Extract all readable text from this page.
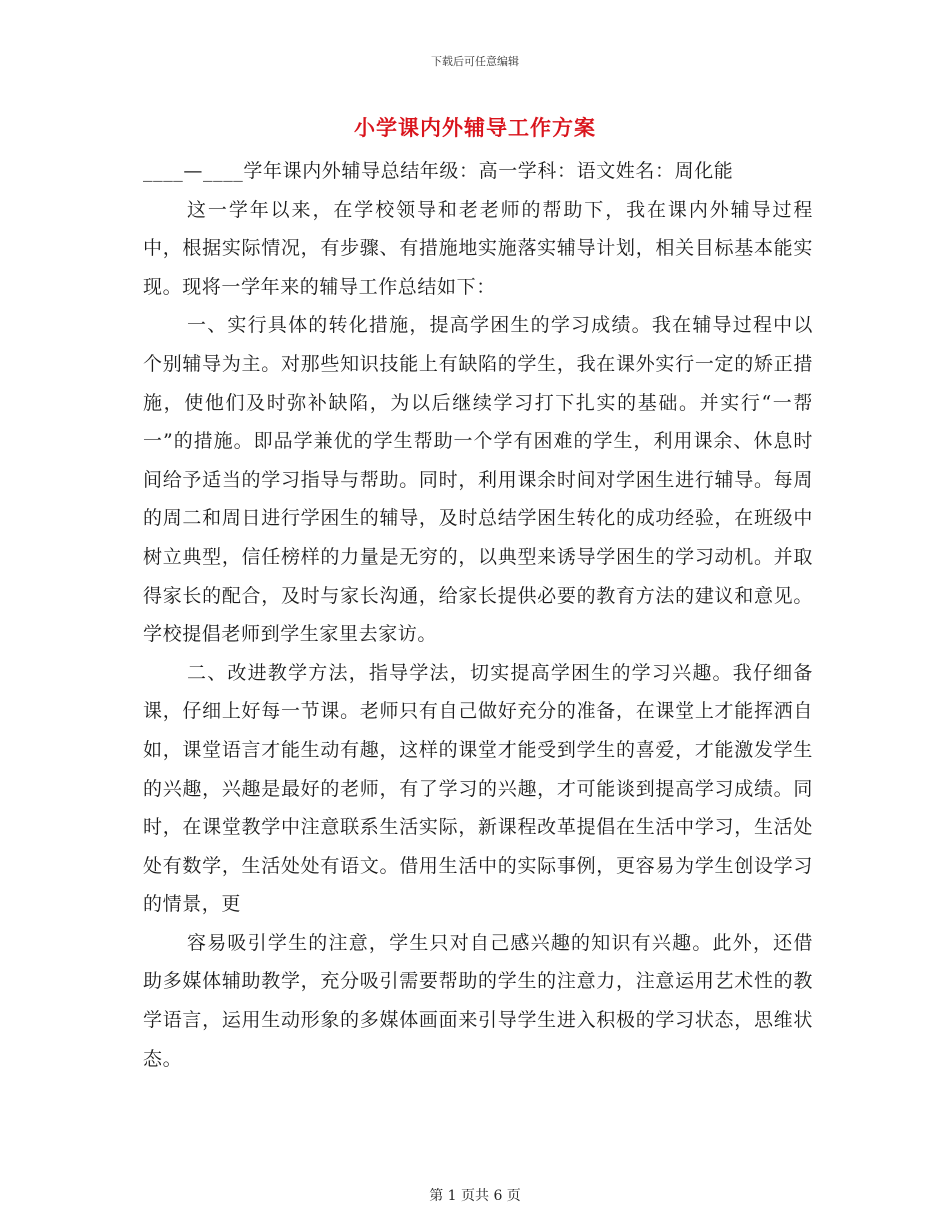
下载后可任意编辑
小学课内外辅导工作方案

____—____学年课内外辅导总结年级：高一学科：语文姓名：周化能

这一学年以来，在学校领导和老老师的帮助下，我在课内外辅导过程中，根据实际情况，有步骤、有措施地实施落实辅导计划，相关目标基本能实现。现将一学年来的辅导工作总结如下：

一、实行具体的转化措施，提高学困生的学习成绩。我在辅导过程中以个别辅导为主。对那些知识技能上有缺陷的学生，我在课外实行一定的矫正措施，使他们及时弥补缺陷，为以后继续学习打下扎实的基础。并实行“一帮一”的措施。即品学兼优的学生帮助一个学有困难的学生，利用课余、休息时间给予适当的学习指导与帮助。同时，利用课余时间对学困生进行辅导。每周的周二和周日进行学困生的辅导，及时总结学困生转化的成功经验，在班级中树立典型，信任榜样的力量是无穷的，以典型来诱导学困生的学习动机。并取得家长的配合，及时与家长沟通，给家长提供必要的教育方法的建议和意见。学校提倡老师到学生家里去家访。

二、改进教学方法，指导学法，切实提高学困生的学习兴趣。我仔细备课，仔细上好每一节课。老师只有自己做好充分的准备，在课堂上才能挥洒自如，课堂语言才能生动有趣，这样的课堂才能受到学生的喜爱，才能激发学生的兴趣，兴趣是最好的老师，有了学习的兴趣，才可能谈到提高学习成绩。同时，在课堂教学中注意联系生活实际，新课程改革提倡在生活中学习，生活处处有数学，生活处处有语文。借用生活中的实际事例，更容易为学生创设学习的情景，更

容易吸引学生的注意，学生只对自己感兴趣的知识有兴趣。此外，还借助多媒体辅助教学，充分吸引需要帮助的学生的注意力，注意运用艺术性的教学语言，运用生动形象的多媒体画面来引导学生进入积极的学习状态，思维状态。

第 1 页共 6 页
